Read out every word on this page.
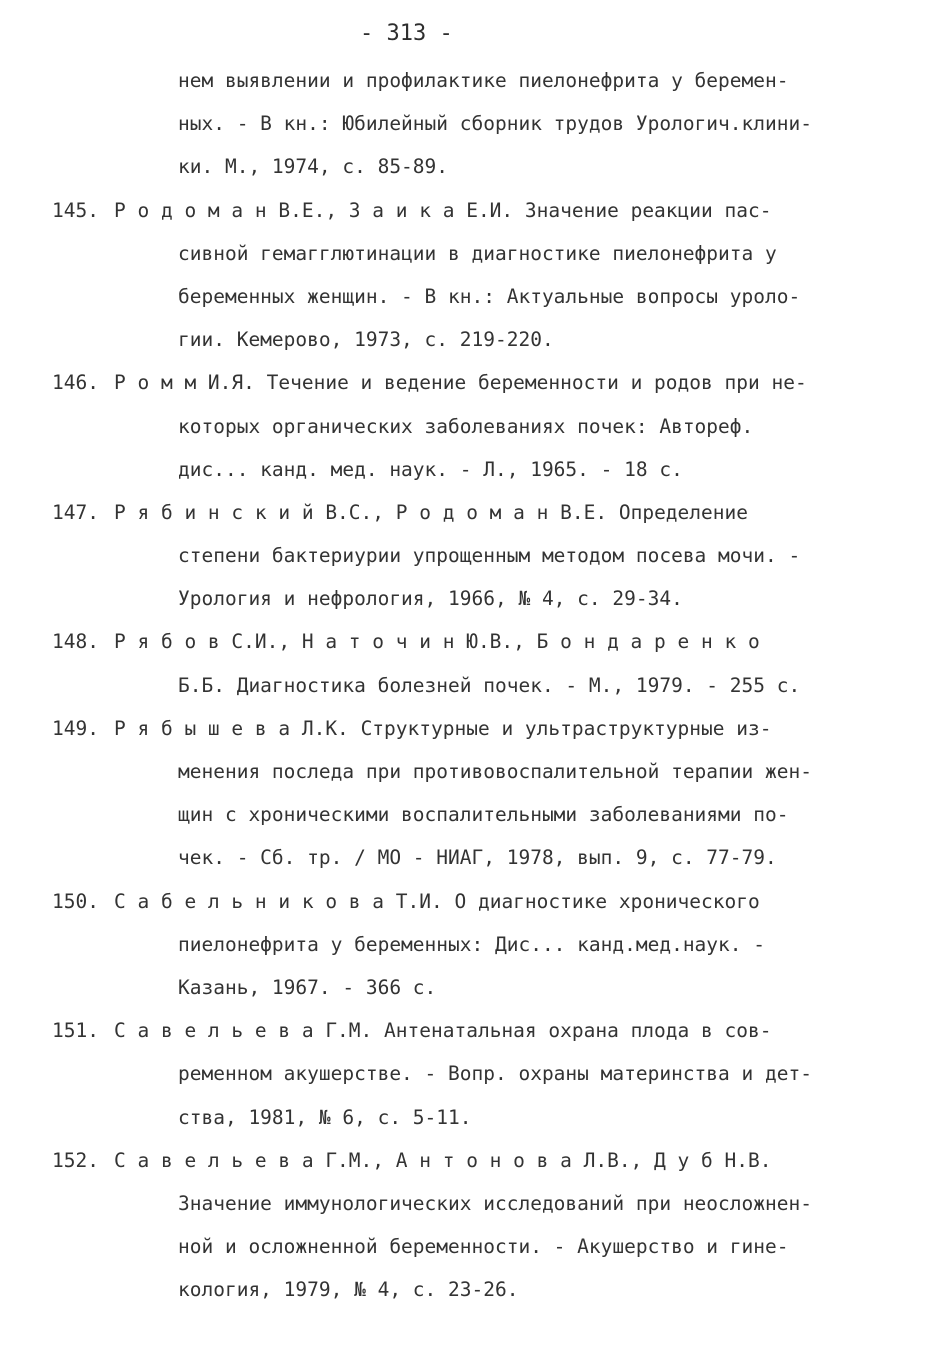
- 313 -
нем выявлении и профилактике пиелонефрита у беремен-
ных. - В кн.: Юбилейный сборник трудов Урологич.клини-
ки. М., 1974, с. 85-89.
145. Р о д о м а н В.Е., З а и к а Е.И. Значение реакции пас-
сивной гемагглютинации в диагностике пиелонефрита у
беременных женщин. - В кн.: Актуальные вопросы уроло-
гии. Кемерово, 1973, с. 219-220.
146. Р о м м И.Я. Течение и ведение беременности и родов при не-
которых органических заболеваниях почек: Автореф.
дис... канд. мед. наук. - Л., 1965. - 18 с.
147. Р я б и н с к и й В.С., Р о д о м а н В.Е. Определение
степени бактериурии упрощенным методом посева мочи. -
Урология и нефрология, 1966, № 4, с. 29-34.
148. Р я б о в С.И., Н а т о ч и н Ю.В., Б о н д а р е н к о
Б.Б. Диагностика болезней почек. - М., 1979. - 255 с.
149. Р я б ы ш е в а Л.К. Структурные и ультраструктурные из-
менения последа при противовоспалительной терапии жен-
щин с хроническими воспалительными заболеваниями по-
чек. - Сб. тр. / МО - НИАГ, 1978, вып. 9, с. 77-79.
150. С а б е л ь н и к о в а Т.И. О диагностике хронического
пиелонефрита у беременных: Дис... канд.мед.наук. -
Казань, 1967. - 366 с.
151. С а в е л ь е в а Г.М. Антенатальная охрана плода в сов-
ременном акушерстве. - Вопр. охраны материнства и дет-
ства, 1981, № 6, с. 5-11.
152. С а в е л ь е в а Г.М., А н т о н о в а Л.В., Д у б Н.В.
Значение иммунологических исследований при неосложнен-
ной и осложненной беременности. - Акушерство и гине-
кология, 1979, № 4, с. 23-26.
